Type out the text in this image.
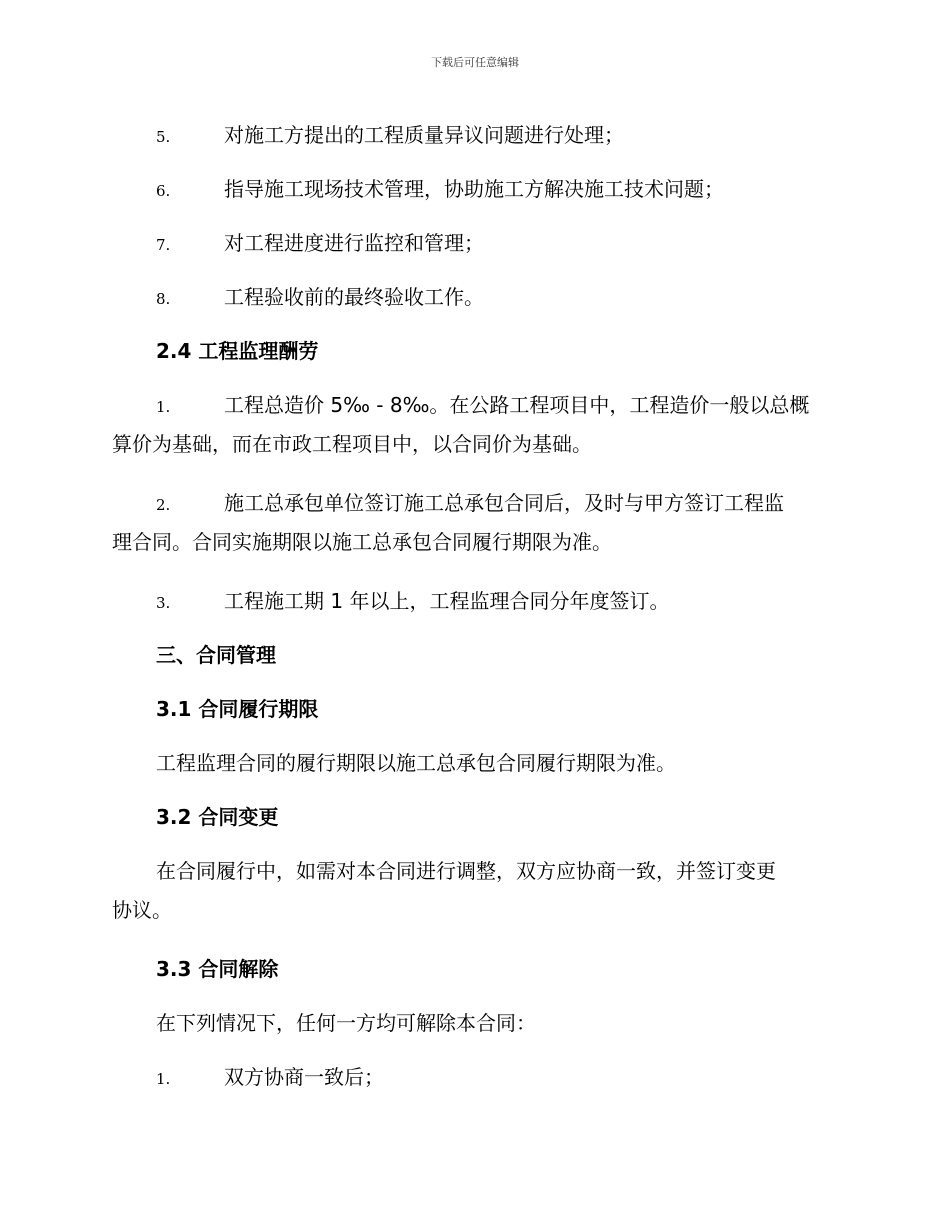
下载后可任意编辑
5.	对施工方提出的工程质量异议问题进行处理；
6.	指导施工现场技术管理，协助施工方解决施工技术问题；
7.	对工程进度进行监控和管理；
8.	工程验收前的最终验收工作。
2.4 工程监理酬劳
1.	工程总造价 5‰ - 8‰。在公路工程项目中，工程造价一般以总概
算价为基础，而在市政工程项目中，以合同价为基础。
2.	施工总承包单位签订施工总承包合同后，及时与甲方签订工程监
理合同。合同实施期限以施工总承包合同履行期限为准。
3.	工程施工期 1 年以上，工程监理合同分年度签订。
三、合同管理
3.1 合同履行期限
工程监理合同的履行期限以施工总承包合同履行期限为准。
3.2 合同变更
在合同履行中，如需对本合同进行调整，双方应协商一致，并签订变更
协议。
3.3 合同解除
在下列情况下，任何一方均可解除本合同：
1.	双方协商一致后；
